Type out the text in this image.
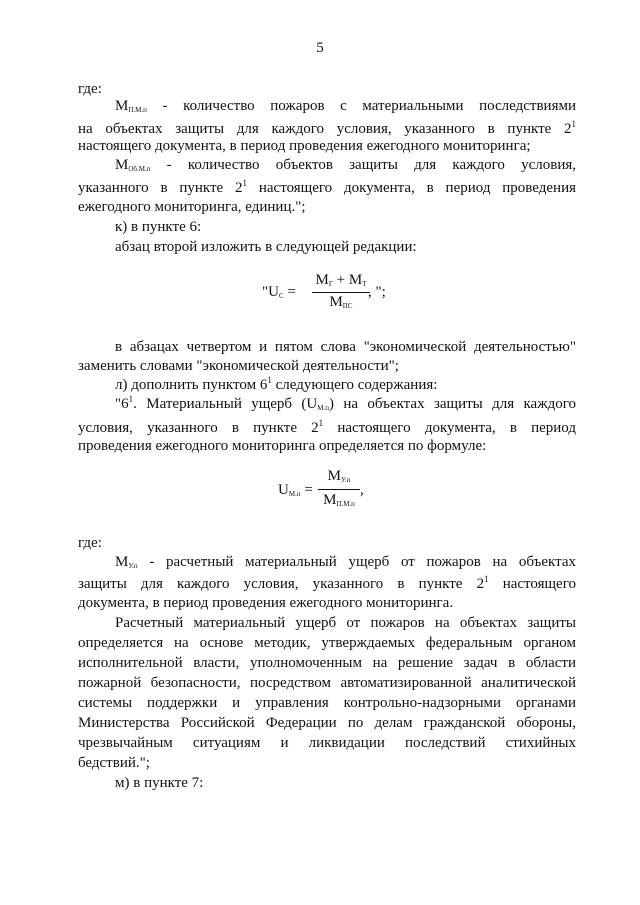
5
где:
$M_{П.М.п}$ - количество пожаров с материальными последствиями
на объектах защиты для каждого условия, указанного в пункте $2^1$
настоящего документа, в период проведения ежегодного мониторинга;
$M_{Об.М.п}$ - количество объектов защиты для каждого условия,
указанного в пункте $2^1$ настоящего документа, в период проведения
ежегодного мониторинга, единиц.";
к) в пункте 6:
абзац второй изложить в следующей редакции:
"$U_С$ =
$M_Г + M_Т$
$M_{ПС}$
, ";
в абзацах четвертом и пятом слова "экономической деятельностью"
заменить словами "экономической деятельности";
л) дополнить пунктом $6^1$ следующего содержания:
"$6^1$. Материальный ущерб $(U_{М.п})$ на объектах защиты для каждого
условия, указанного в пункте $2^1$ настоящего документа, в период
проведения ежегодного мониторинга определяется по формуле:
$U_{М.п}$ =
$M_{У.п}$
$M_{П.М.п}$
,
где:
$M_{У.п}$ - расчетный материальный ущерб от пожаров на объектах
защиты для каждого условия, указанного в пункте $2^1$ настоящего
документа, в период проведения ежегодного мониторинга.
Расчетный материальный ущерб от пожаров на объектах защиты
определяется на основе методик, утверждаемых федеральным органом
исполнительной власти, уполномоченным на решение задач в области
пожарной безопасности, посредством автоматизированной аналитической
системы поддержки и управления контрольно-надзорными органами
Министерства Российской Федерации по делам гражданской обороны,
чрезвычайным ситуациям и ликвидации последствий стихийных
бедствий.";
м) в пункте 7:
